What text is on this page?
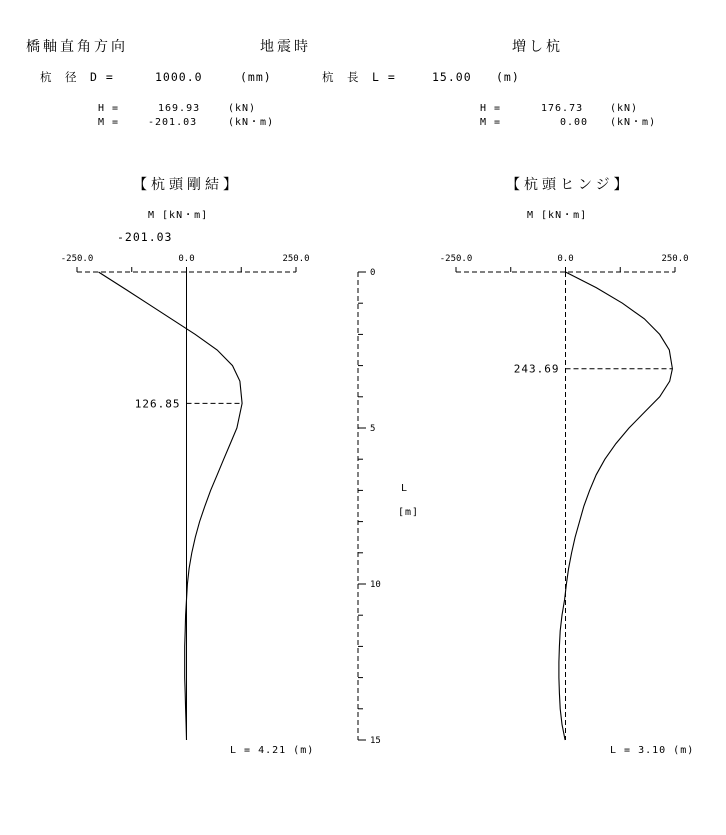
橋軸直角方向	地震時	増し杭
杭　径　D =	1000.0	(mm)	杭　長　L =	15.00 (m)
H =	169.93	(kN)
M =	-201.03	(kN・m)
H =	176.73	(kN)
M =	0.00 (kN・m)
【杭頭剛結】	【杭頭ヒンジ】
M [kN・m]	M [kN・m]
-201.03
L = 4.21 (m)	L = 3.10 (m)
L
[m]
-250.0	0.0	250.0
126.85
-250.0	0.0	250.0
243.69
0
5
10
15
